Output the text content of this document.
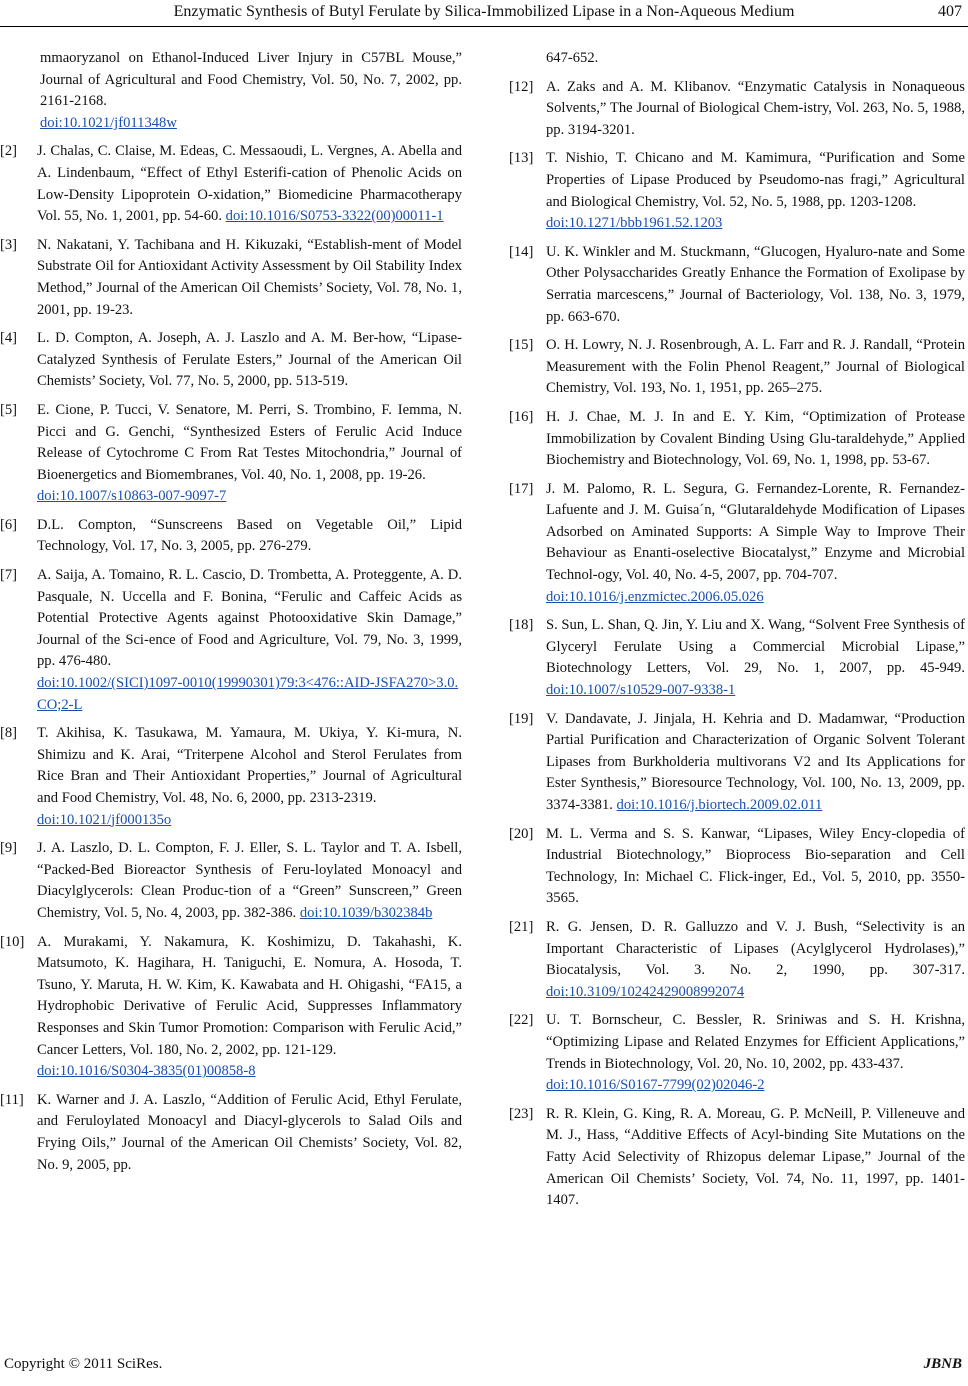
Enzymatic Synthesis of Butyl Ferulate by Silica-Immobilized Lipase in a Non-Aqueous Medium	407
mmaoryzanol on Ethanol-Induced Liver Injury in C57BL Mouse,” Journal of Agricultural and Food Chemistry, Vol. 50, No. 7, 2002, pp. 2161-2168.
doi:10.1021/jf011348w
[2] J. Chalas, C. Claise, M. Edeas, C. Messaoudi, L. Vergnes, A. Abella and A. Lindenbaum, “Effect of Ethyl Esterifi-cation of Phenolic Acids on Low-Density Lipoprotein O-xidation,” Biomedicine Pharmacotherapy Vol. 55, No. 1, 2001, pp. 54-60. doi:10.1016/S0753-3322(00)00011-1
[3] N. Nakatani, Y. Tachibana and H. Kikuzaki, “Establish-ment of Model Substrate Oil for Antioxidant Activity Assessment by Oil Stability Index Method,” Journal of the American Oil Chemists’ Society, Vol. 78, No. 1, 2001, pp. 19-23.
[4] L. D. Compton, A. Joseph, A. J. Laszlo and A. M. Ber-how, “Lipase-Catalyzed Synthesis of Ferulate Esters,” Journal of the American Oil Chemists’ Society, Vol. 77, No. 5, 2000, pp. 513-519.
[5] E. Cione, P. Tucci, V. Senatore, M. Perri, S. Trombino, F. Iemma, N. Picci and G. Genchi, “Synthesized Esters of Ferulic Acid Induce Release of Cytochrome C From Rat Testes Mitochondria,” Journal of Bioenergetics and Biomembranes, Vol. 40, No. 1, 2008, pp. 19-26.
doi:10.1007/s10863-007-9097-7
[6] D.L. Compton, “Sunscreens Based on Vegetable Oil,” Lipid Technology, Vol. 17, No. 3, 2005, pp. 276-279.
[7] A. Saija, A. Tomaino, R. L. Cascio, D. Trombetta, A. Proteggente, A. D. Pasquale, N. Uccella and F. Bonina, “Ferulic and Caffeic Acids as Potential Protective Agents against Photooxidative Skin Damage,” Journal of the Sci-ence of Food and Agriculture, Vol. 79, No. 3, 1999, pp. 476-480.
doi:10.1002/(SICI)1097-0010(19990301)79:3<476::AID-JSFA270>3.0.CO;2-L
[8] T. Akihisa, K. Tasukawa, M. Yamaura, M. Ukiya, Y. Ki-mura, N. Shimizu and K. Arai, “Triterpene Alcohol and Sterol Ferulates from Rice Bran and Their Antioxidant Properties,” Journal of Agricultural and Food Chemistry, Vol. 48, No. 6, 2000, pp. 2313-2319.
doi:10.1021/jf000135o
[9] J. A. Laszlo, D. L. Compton, F. J. Eller, S. L. Taylor and T. A. Isbell, “Packed-Bed Bioreactor Synthesis of Feru-loylated Monoacyl and Diacylglycerols: Clean Produc-tion of a “Green” Sunscreen,” Green Chemistry, Vol. 5, No. 4, 2003, pp. 382-386. doi:10.1039/b302384b
[10] A. Murakami, Y. Nakamura, K. Koshimizu, D. Takahashi, K. Matsumoto, K. Hagihara, H. Taniguchi, E. Nomura, A. Hosoda, T. Tsuno, Y. Maruta, H. W. Kim, K. Kawabata and H. Ohigashi, “FA15, a Hydrophobic Derivative of Ferulic Acid, Suppresses Inflammatory Responses and Skin Tumor Promotion: Comparison with Ferulic Acid,” Cancer Letters, Vol. 180, No. 2, 2002, pp. 121-129.
doi:10.1016/S0304-3835(01)00858-8
[11] K. Warner and J. A. Laszlo, “Addition of Ferulic Acid, Ethyl Ferulate, and Feruloylated Monoacyl and Diacyl-glycerols to Salad Oils and Frying Oils,” Journal of the American Oil Chemists’ Society, Vol. 82, No. 9, 2005, pp.
647-652.
[12] A. Zaks and A. M. Klibanov. “Enzymatic Catalysis in Nonaqueous Solvents,” The Journal of Biological Chem-istry, Vol. 263, No. 5, 1988, pp. 3194-3201.
[13] T. Nishio, T. Chicano and M. Kamimura, “Purification and Some Properties of Lipase Produced by Pseudomo-nas fragi,” Agricultural and Biological Chemistry, Vol. 52, No. 5, 1988, pp. 1203-1208.
doi:10.1271/bbb1961.52.1203
[14] U. K. Winkler and M. Stuckmann, “Glucogen, Hyaluro-nate and Some Other Polysaccharides Greatly Enhance the Formation of Exolipase by Serratia marcescens,” Journal of Bacteriology, Vol. 138, No. 3, 1979, pp. 663-670.
[15] O. H. Lowry, N. J. Rosenbrough, A. L. Farr and R. J. Randall, “Protein Measurement with the Folin Phenol Reagent,” Journal of Biological Chemistry, Vol. 193, No. 1, 1951, pp. 265–275.
[16] H. J. Chae, M. J. In and E. Y. Kim, “Optimization of Protease Immobilization by Covalent Binding Using Glu-taraldehyde,” Applied Biochemistry and Biotechnology, Vol. 69, No. 1, 1998, pp. 53-67.
[17] J. M. Palomo, R. L. Segura, G. Fernandez-Lorente, R. Fernandez-Lafuente and J. M. Guisa´n, “Glutaraldehyde Modification of Lipases Adsorbed on Aminated Supports: A Simple Way to Improve Their Behaviour as Enanti-oselective Biocatalyst,” Enzyme and Microbial Technol-ogy, Vol. 40, No. 4-5, 2007, pp. 704-707.
doi:10.1016/j.enzmictec.2006.05.026
[18] S. Sun, L. Shan, Q. Jin, Y. Liu and X. Wang, “Solvent Free Synthesis of Glyceryl Ferulate Using a Commercial Microbial Lipase,” Biotechnology Letters, Vol. 29, No. 1, 2007, pp. 45-949. doi:10.1007/s10529-007-9338-1
[19] V. Dandavate, J. Jinjala, H. Kehria and D. Madamwar, “Production Partial Purification and Characterization of Organic Solvent Tolerant Lipases from Burkholderia multivorans V2 and Its Applications for Ester Synthesis,” Bioresource Technology, Vol. 100, No. 13, 2009, pp. 3374-3381. doi:10.1016/j.biortech.2009.02.011
[20] M. L. Verma and S. S. Kanwar, “Lipases, Wiley Ency-clopedia of Industrial Biotechnology,” Bioprocess Bio-separation and Cell Technology, In: Michael C. Flick-inger, Ed., Vol. 5, 2010, pp. 3550-3565.
[21] R. G. Jensen, D. R. Galluzzo and V. J. Bush, “Selectivity is an Important Characteristic of Lipases (Acylglycerol Hydrolases),” Biocatalysis, Vol. 3. No. 2, 1990, pp. 307-317. doi:10.3109/10242429008992074
[22] U. T. Bornscheur, C. Bessler, R. Sriniwas and S. H. Krishna, “Optimizing Lipase and Related Enzymes for Efficient Applications,” Trends in Biotechnology, Vol. 20, No. 10, 2002, pp. 433-437.
doi:10.1016/S0167-7799(02)02046-2
[23] R. R. Klein, G. King, R. A. Moreau, G. P. McNeill, P. Villeneuve and M. J., Hass, “Additive Effects of Acyl-binding Site Mutations on the Fatty Acid Selectivity of Rhizopus delemar Lipase,” Journal of the American Oil Chemists’ Society, Vol. 74, No. 11, 1997, pp. 1401- 1407.
Copyright © 2011 SciRes.	JBNB
